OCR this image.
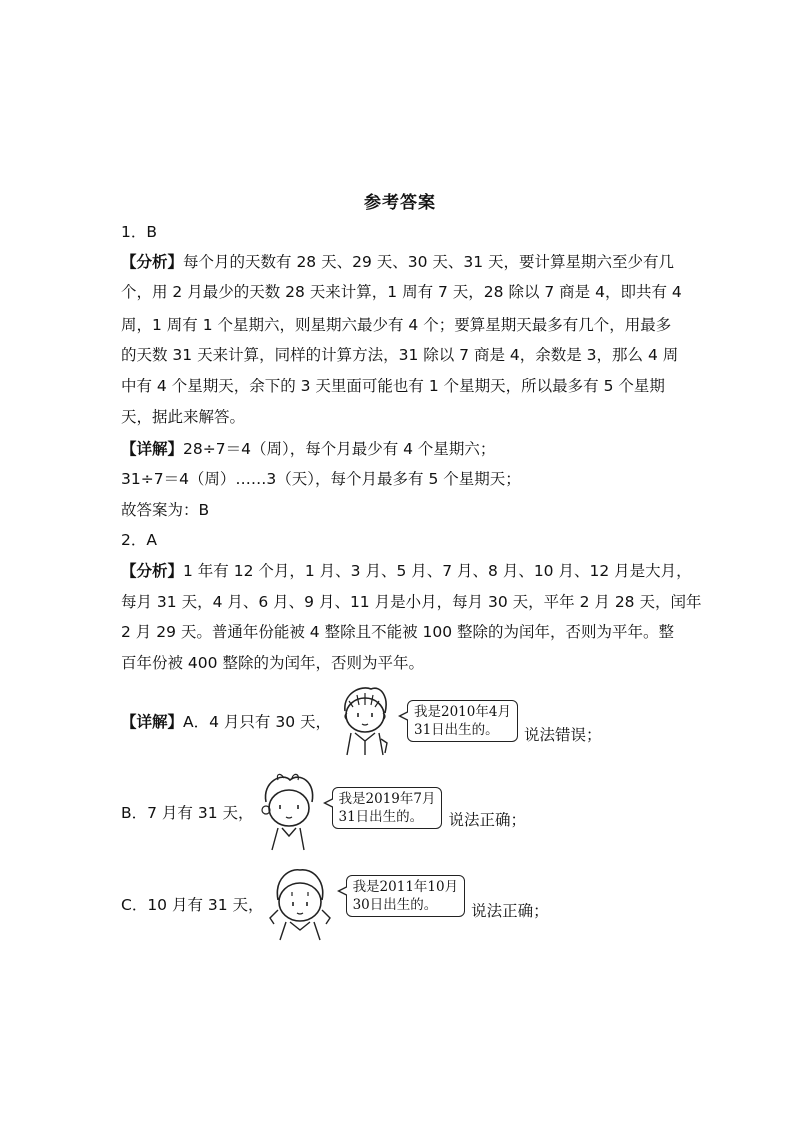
参考答案
1．B
【分析】每个月的天数有 28 天、29 天、30 天、31 天，要计算星期六至少有几
个，用 2 月最少的天数 28 天来计算，1 周有 7 天，28 除以 7 商是 4，即共有 4
周，1 周有 1 个星期六，则星期六最少有 4 个；要算星期天最多有几个，用最多
的天数 31 天来计算，同样的计算方法，31 除以 7 商是 4，余数是 3，那么 4 周
中有 4 个星期天，余下的 3 天里面可能也有 1 个星期天，所以最多有 5 个星期
天，据此来解答。
【详解】28÷7＝4（周），每个月最少有 4 个星期六；
31÷7＝4（周）……3（天），每个月最多有 5 个星期天；
故答案为：B
2．A
【分析】1 年有 12 个月，1 月、3 月、5 月、7 月、8 月、10 月、12 月是大月，
每月 31 天，4 月、6 月、9 月、11 月是小月，每月 30 天，平年 2 月 28 天，闰年
2 月 29 天。普通年份能被 4 整除且不能被 100 整除的为闰年，否则为平年。整
百年份被 400 整除的为闰年，否则为平年。
【详解】A．4 月只有 30 天，
我是2010年4月
31日出生的。	说法错误；
B．7 月有 31 天，
我是2019年7月
31日出生的。	说法正确；
C．10 月有 31 天，
我是2011年10月
30日出生的。	说法正确；
